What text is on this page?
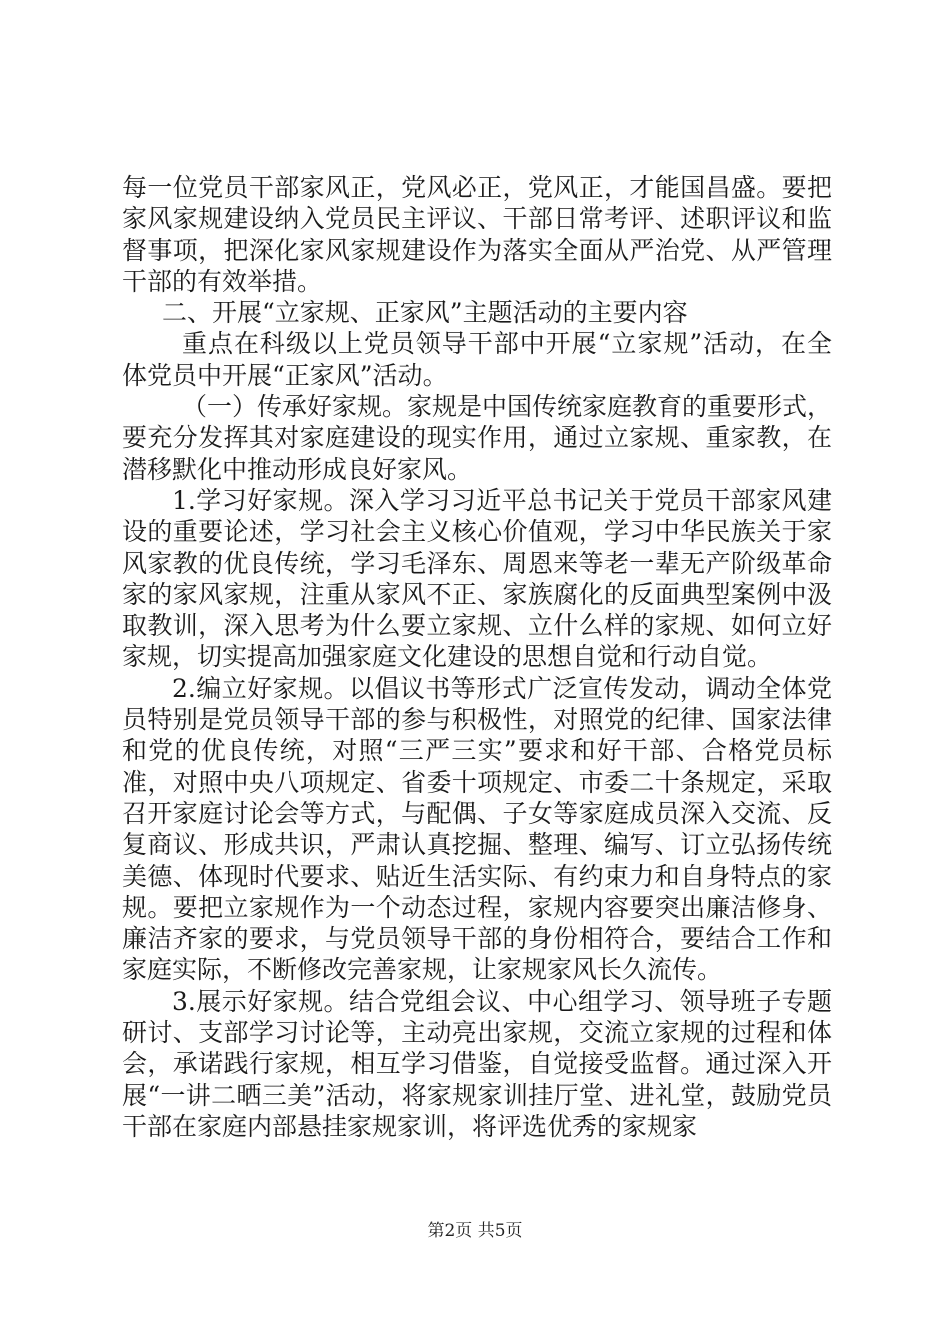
每一位党员干部家风正，党风必正，党风正，才能国昌盛。要把家风家规建设纳入党员民主评议、干部日常考评、述职评议和监督事项，把深化家风家规建设作为落实全面从严治党、从严管理干部的有效举措。

二、开展“立家规、正家风”主题活动的主要内容

重点在科级以上党员领导干部中开展“立家规”活动，在全体党员中开展“正家风”活动。

（一）传承好家规。家规是中国传统家庭教育的重要形式，要充分发挥其对家庭建设的现实作用，通过立家规、重家教，在潜移默化中推动形成良好家风。

1.学习好家规。深入学习习近平总书记关于党员干部家风建设的重要论述，学习社会主义核心价值观，学习中华民族关于家风家教的优良传统，学习毛泽东、周恩来等老一辈无产阶级革命家的家风家规，注重从家风不正、家族腐化的反面典型案例中汲取教训，深入思考为什么要立家规、立什么样的家规、如何立好家规，切实提高加强家庭文化建设的思想自觉和行动自觉。

2.编立好家规。以倡议书等形式广泛宣传发动，调动全体党员特别是党员领导干部的参与积极性，对照党的纪律、国家法律和党的优良传统，对照“三严三实”要求和好干部、合格党员标准，对照中央八项规定、省委十项规定、市委二十条规定，采取召开家庭讨论会等方式，与配偶、子女等家庭成员深入交流、反复商议、形成共识，严肃认真挖掘、整理、编写、订立弘扬传统美德、体现时代要求、贴近生活实际、有约束力和自身特点的家规。要把立家规作为一个动态过程，家规内容要突出廉洁修身、廉洁齐家的要求，与党员领导干部的身份相符合，要结合工作和家庭实际，不断修改完善家规，让家规家风长久流传。

3.展示好家规。结合党组会议、中心组学习、领导班子专题研讨、支部学习讨论等，主动亮出家规，交流立家规的过程和体会，承诺践行家规，相互学习借鉴，自觉接受监督。通过深入开展“一讲二晒三美”活动，将家规家训挂厅堂、进礼堂，鼓励党员干部在家庭内部悬挂家规家训，将评选优秀的家规家

第2页 共5页
